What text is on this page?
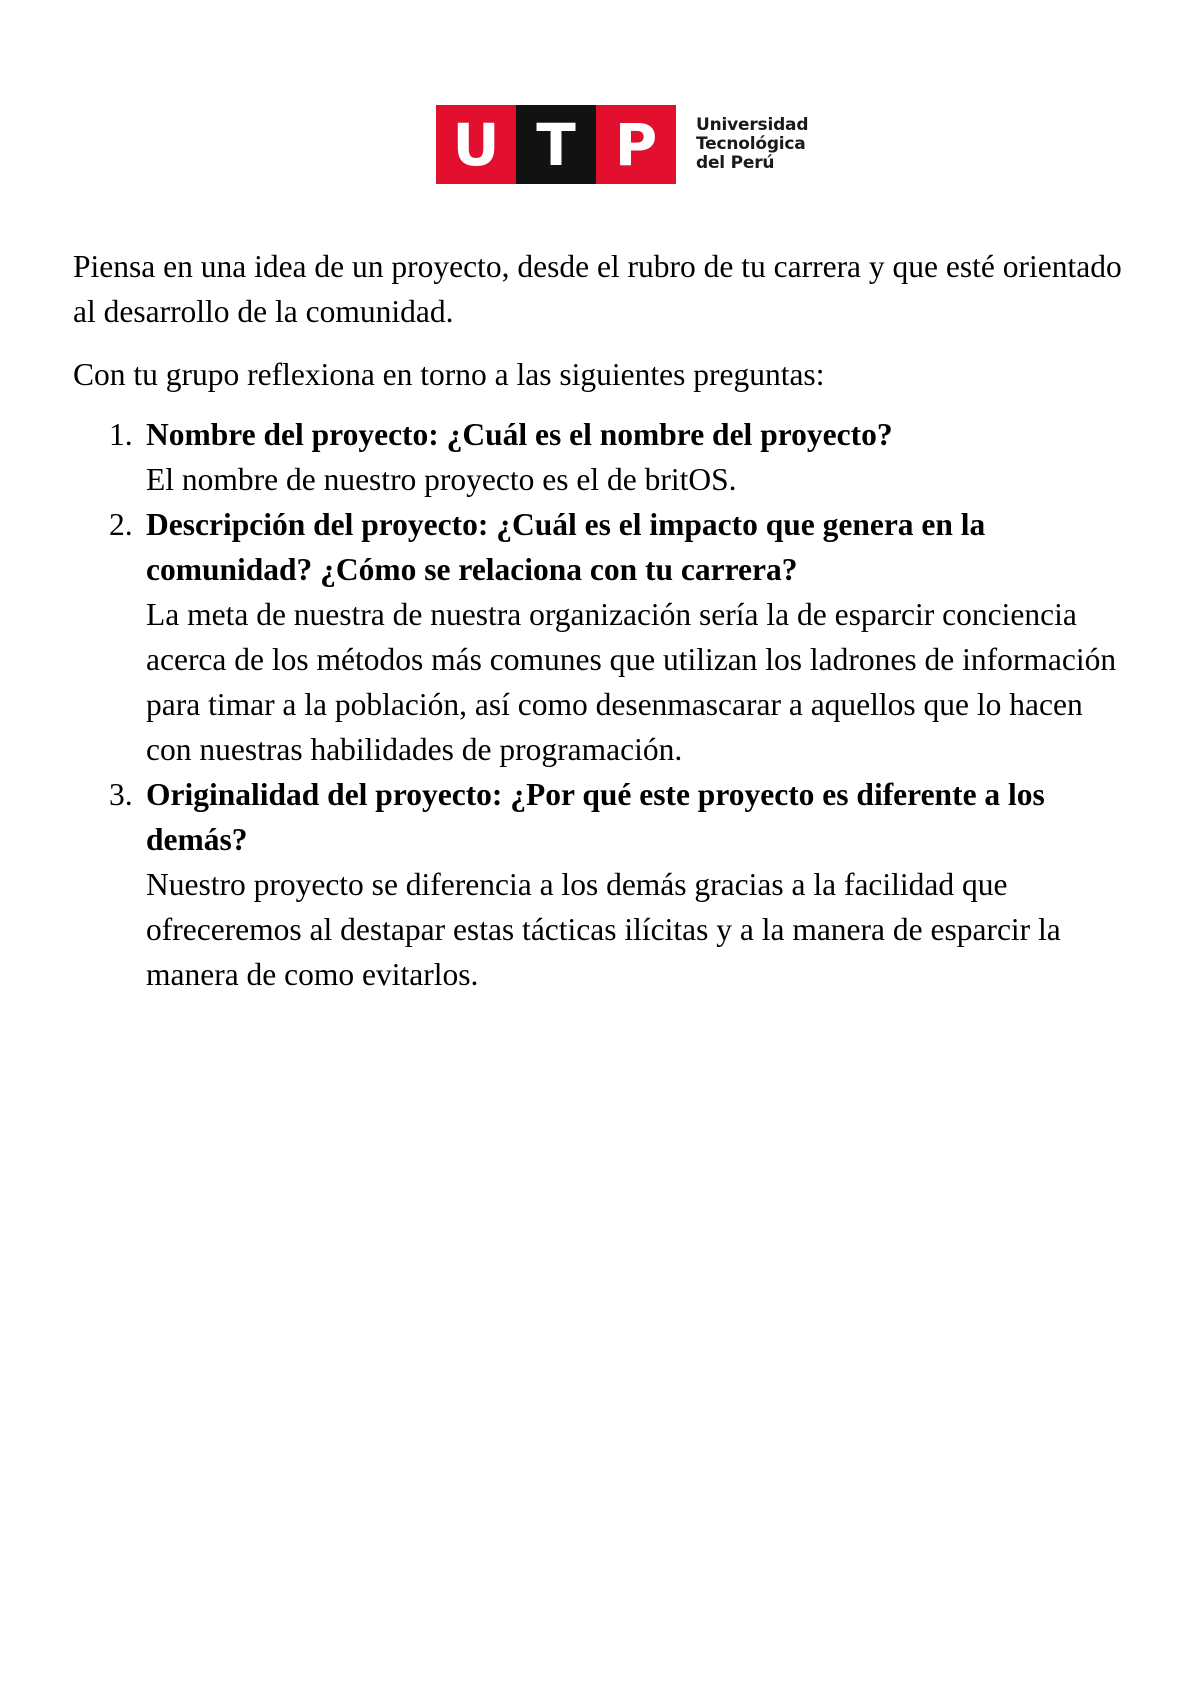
U T P	Universidad
Tecnológica
del Perú

Piensa en una idea de un proyecto, desde el rubro de tu carrera y que esté orientado al desarrollo de la comunidad.

Con tu grupo reflexiona en torno a las siguientes preguntas:

1. Nombre del proyecto: ¿Cuál es el nombre del proyecto?
El nombre de nuestro proyecto es el de britOS.
2. Descripción del proyecto: ¿Cuál es el impacto que genera en la comunidad? ¿Cómo se relaciona con tu carrera?
La meta de nuestra de nuestra organización sería la de esparcir conciencia acerca de los métodos más comunes que utilizan los ladrones de información para timar a la población, así como desenmascarar a aquellos que lo hacen con nuestras habilidades de programación.
3. Originalidad del proyecto: ¿Por qué este proyecto es diferente a los demás?
Nuestro proyecto se diferencia a los demás gracias a la facilidad que ofreceremos al destapar estas tácticas ilícitas y a la manera de esparcir la manera de como evitarlos.
